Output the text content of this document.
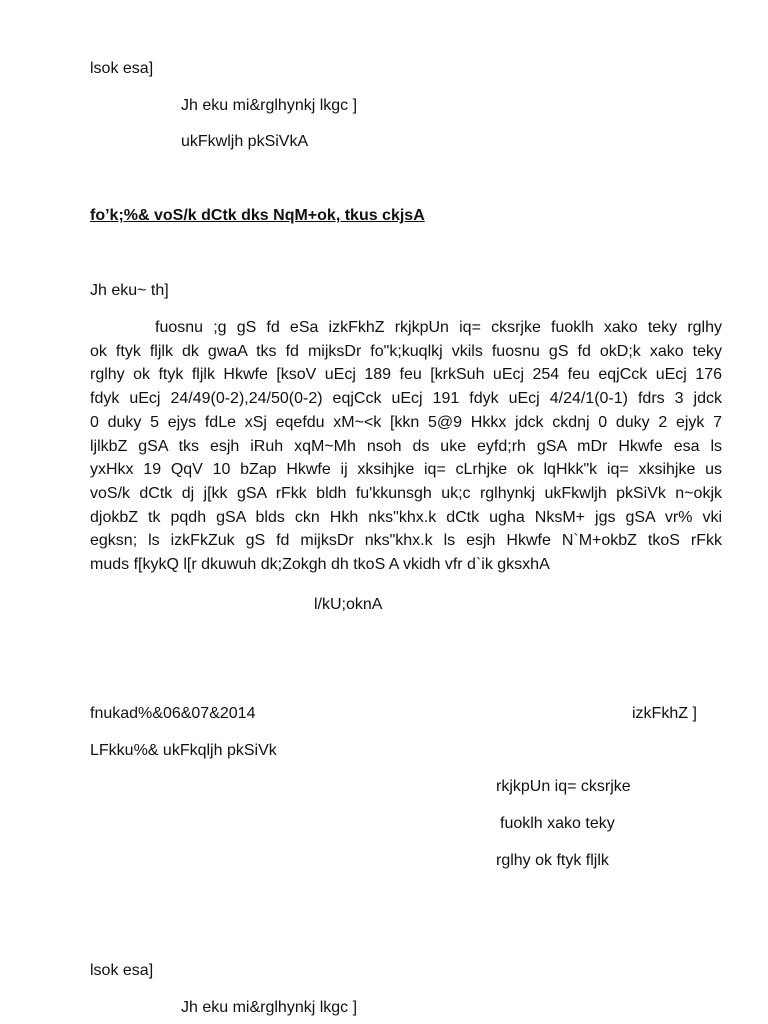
lsok esa]
Jh eku mi&rglhynkj lkgc ]
ukFkwljh pkSiVkA
fo’k;%& voS/k dCtk dks NqM+ok, tkus ckjsA
Jh eku~ th]
fuosnu ;g gS fd eSa izkFkhZ rkjkpUn iq= cksrjke fuoklh xako teky rglhy
ok ftyk fljlk dk gwaA tks fd mijksDr fo"k;kuqlkj vkils fuosnu gS fd okD;k xako teky
rglhy ok ftyk fljlk Hkwfe [ksoV uEcj 189 feu [krkSuh uEcj 254 feu eqjCck uEcj 176
fdyk uEcj 24/49(0-2),24/50(0-2) eqjCck uEcj 191 fdyk uEcj 4/24/1(0-1) fdrs 3 jdck
0 duky 5 ejys fdLe xSj eqefdu xM~<k [kkn 5@9 Hkkx jdck ckdnj 0 duky 2 ejyk 7
ljlkbZ gSA tks esjh iRuh xqM~Mh nsoh ds uke eyfd;rh gSA mDr Hkwfe esa ls
yxHkx 19 QqV 10 bZap Hkwfe ij xksihjke iq= cLrhjke ok lqHkk"k iq= xksihjke us
voS/k dCtk dj j[kk gSA rFkk bldh fu'kkunsgh uk;c rglhynkj ukFkwljh pkSiVk n~okjk
djokbZ tk pqdh gSA blds ckn Hkh nks"khx.k dCtk ugha NksM+ jgs gSA vr% vki
egksn; ls izkFkZuk gS fd mijksDr nks"khx.k ls esjh Hkwfe N`M+okbZ tkoS rFkk
muds f[kykQ l[r dkuwuh dk;Zokgh dh tkoS A vkidh vfr d`ik gksxhA
l/kU;oknA
fnukad%&06&07&2014	izkFkhZ ]
LFkku%& ukFkqljh pkSiVk
rkjkpUn iq= cksrjke
fuoklh xako teky
rglhy ok ftyk fljlk
lsok esa]
Jh eku mi&rglhynkj lkgc ]
